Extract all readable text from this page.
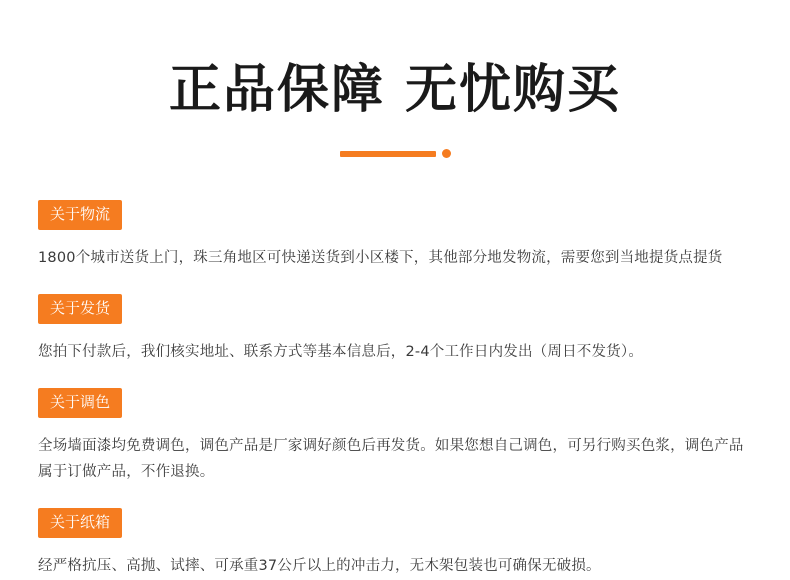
正品保障 无忧购买
关于物流
1800个城市送货上门，珠三角地区可快递送货到小区楼下，其他部分地发物流，需要您到当地提货点提货
关于发货
您拍下付款后，我们核实地址、联系方式等基本信息后，2-4个工作日内发出（周日不发货）。
关于调色
全场墙面漆均免费调色，调色产品是厂家调好颜色后再发货。如果您想自己调色，可另行购买色浆，调色产品属于订做产品，不作退换。
关于纸箱
经严格抗压、高抛、试摔、可承重37公斤以上的冲击力，无木架包装也可确保无破损。
